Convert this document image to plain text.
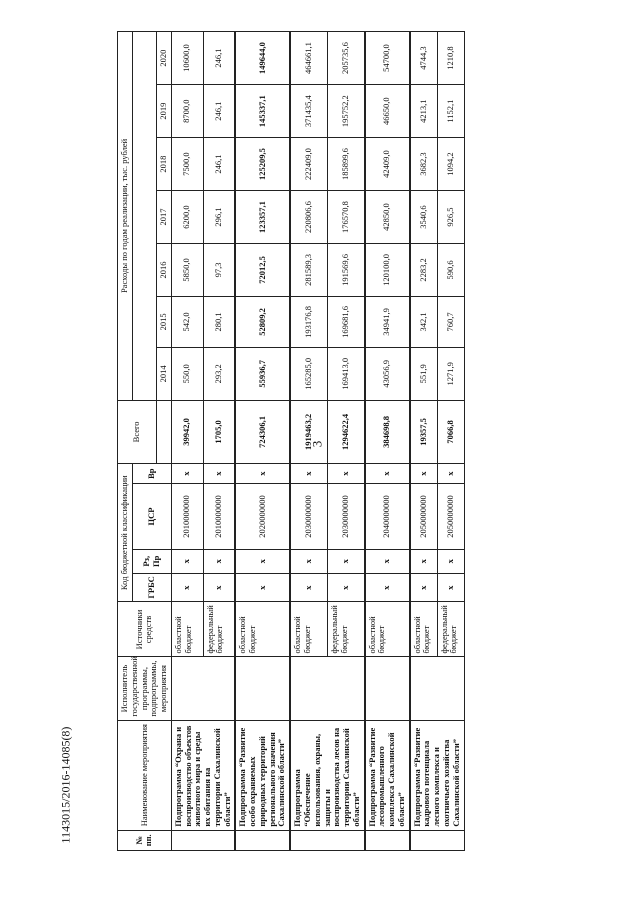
3
1143015/2016-14085(8)	№ пп.	Наименование мероприятия	Исполнитель государственной программы, подпрограммы, мероприятия	Источники средств	Код бюджетной классификации				Всего	Расходы по годам реализации, тыс. рублей						
				ГРБС	Рз, Пр	ЦСР	Вр								
									2014	2015	2016	2017	2018	2019	2020
	Подпрограмма “Охрана и воспроизводство объектов животного мира и среды их обитания на территории Сахалинской области”		областной бюджет	x	x	2010000000	x	39942,0	550,0	542,0	5850,0	6200,0	7500,0	8700,0	10600,0
			федеральный бюджет	x	x	2010000000	x	1705,0	293,2	280,1	97,3	296,1	246,1	246,1	246,1
	Подпрограмма “Развитие особо охраняемых природных территорий регионального значения Сахалинской области”		областной бюджет	x	x	2020000000	x	724306,1	55936,7	52809,2	72012,5	123357,1	125209,5	145337,1	149644,0
	Подпрограмма “Обеспечение использования, охраны, защиты и воспроизводства лесов на территории Сахалинской области”		областной бюджет	x	x	2030000000	x	1919463,2	165285,0	193176,8	281589,3	220806,6	222409,0	371435,4	464661,1
			федеральный бюджет	x	x	2030000000	x	1294622,4	169413,0	169681,6	191569,6	176570,8	185899,6	195752,2	205735,6
	Подпрограмма “Развитие лесопромышленного комплекса Сахалинской области”		областной бюджет	x	x	2040000000	x	384698,8	43056,9	34941,9	120100,0	42850,0	42409,0	46650,0	54700,0
	Подпрограмма “Развитие кадрового потенциала лесного комплекса и охотничьего хозяйства Сахалинской области”		областной бюджет	x	x	2050000000	x	19357,5	551,9	342,1	2283,2	3540,6	3682,3	4213,1	4744,3
			федеральный бюджет	x	x	2050000000	x	7066,8	1271,9	760,7	590,6	926,5	1094,2	1152,1	1210,8
